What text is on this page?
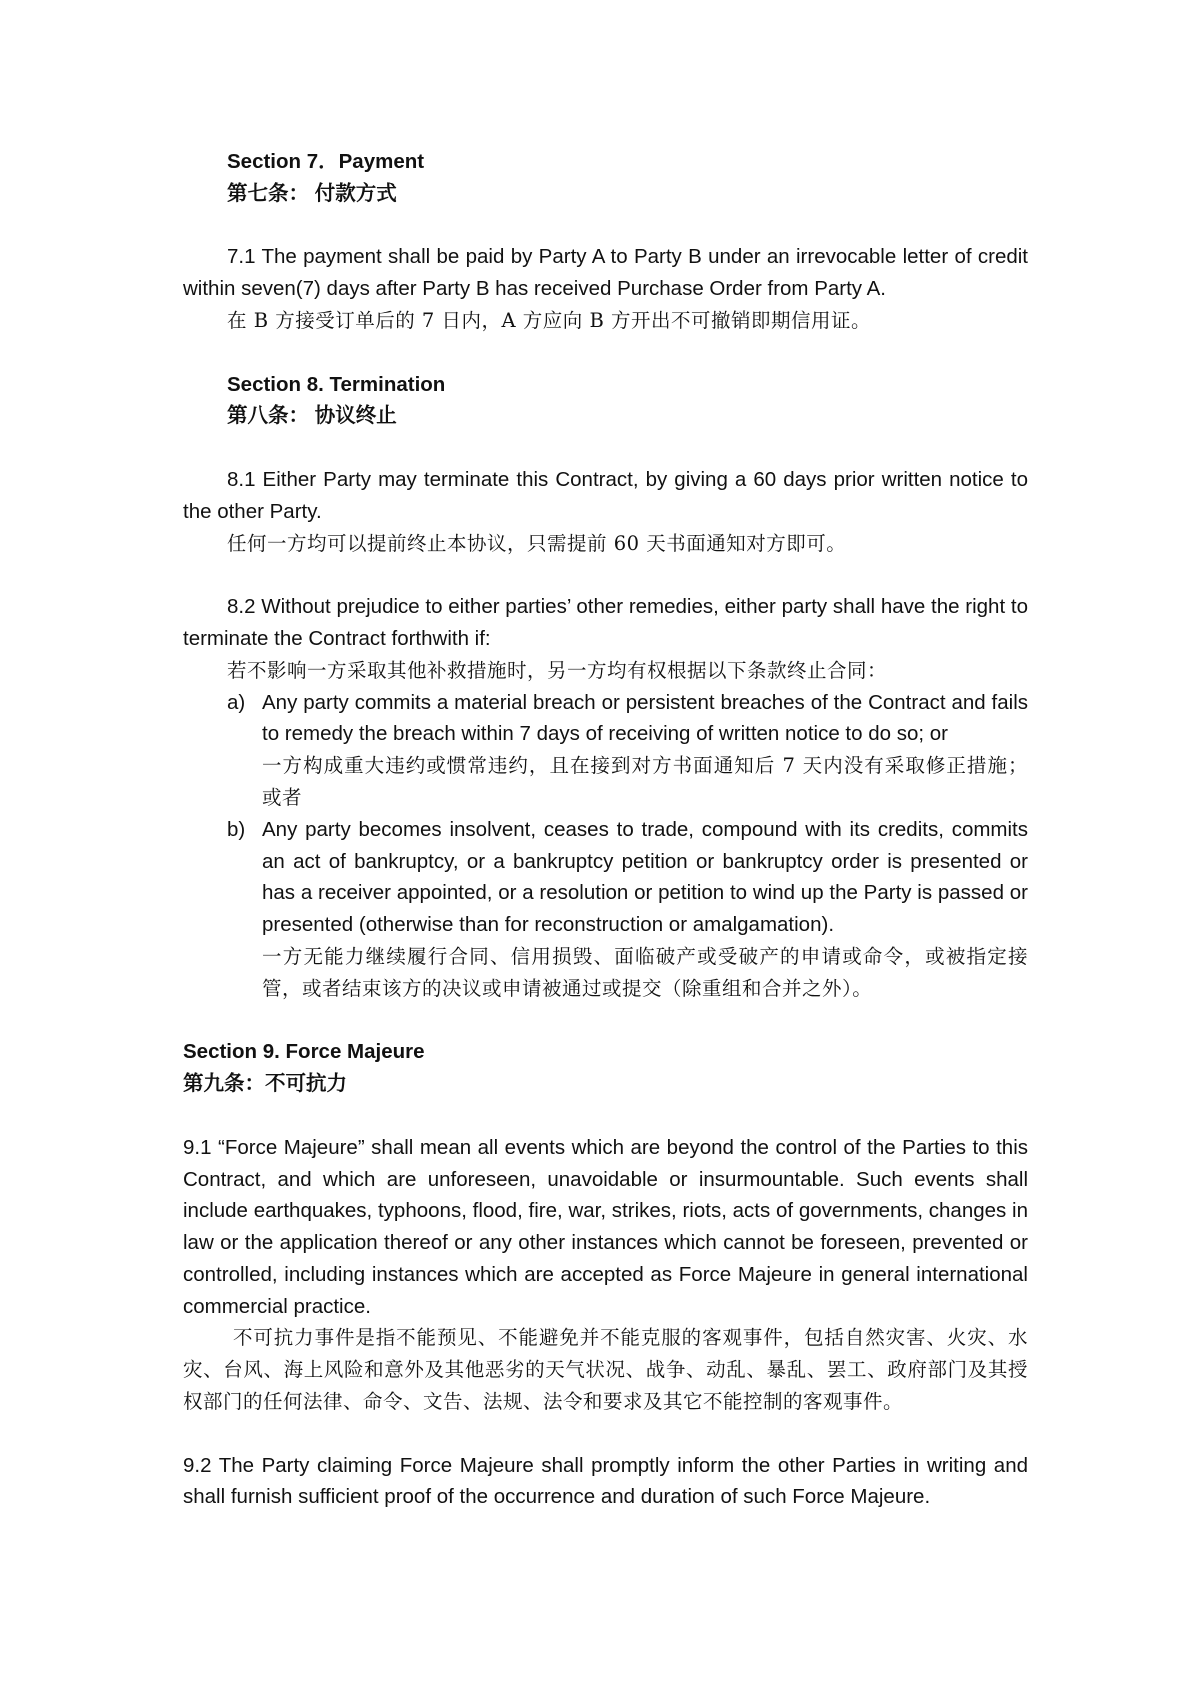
Section 7．Payment
第七条： 付款方式

7.1 The payment shall be paid by Party A to Party B under an irrevocable letter of credit within seven(7) days after Party B has received Purchase Order from Party A.

在 B 方接受订单后的 7 日内，A 方应向 B 方开出不可撤销即期信用证。

Section 8. Termination
第八条： 协议终止

8.1 Either Party may terminate this Contract, by giving a 60 days prior written notice to the other Party.

任何一方均可以提前终止本协议，只需提前 60 天书面通知对方即可。

8.2 Without prejudice to either parties’ other remedies, either party shall have the right to terminate the Contract forthwith if:

若不影响一方采取其他补救措施时，另一方均有权根据以下条款终止合同：

a) Any party commits a material breach or persistent breaches of the Contract and fails to remedy the breach within 7 days of receiving of written notice to do so; or

一方构成重大违约或惯常违约，且在接到对方书面通知后 7 天内没有采取修正措施；或者

b) Any party becomes insolvent, ceases to trade, compound with its credits, commits an act of bankruptcy, or a bankruptcy petition or bankruptcy order is presented or has a receiver appointed, or a resolution or petition to wind up the Party is passed or presented (otherwise than for reconstruction or amalgamation).

一方无能力继续履行合同、信用损毁、面临破产或受破产的申请或命令，或被指定接管，或者结束该方的决议或申请被通过或提交（除重组和合并之外）。

Section 9. Force Majeure
第九条：不可抗力

9.1 “Force Majeure” shall mean all events which are beyond the control of the Parties to this Contract, and which are unforeseen, unavoidable or insurmountable. Such events shall include earthquakes, typhoons, flood, fire, war, strikes, riots, acts of governments, changes in law or the application thereof or any other instances which cannot be foreseen, prevented or controlled, including instances which are accepted as Force Majeure in general international commercial practice.

不可抗力事件是指不能预见、不能避免并不能克服的客观事件，包括自然灾害、火灾、水灾、台风、海上风险和意外及其他恶劣的天气状况、战争、动乱、暴乱、罢工、政府部门及其授权部门的任何法律、命令、文告、法规、法令和要求及其它不能控制的客观事件。

9.2 The Party claiming Force Majeure shall promptly inform the other Parties in writing and shall furnish sufficient proof of the occurrence and duration of such Force Majeure.
